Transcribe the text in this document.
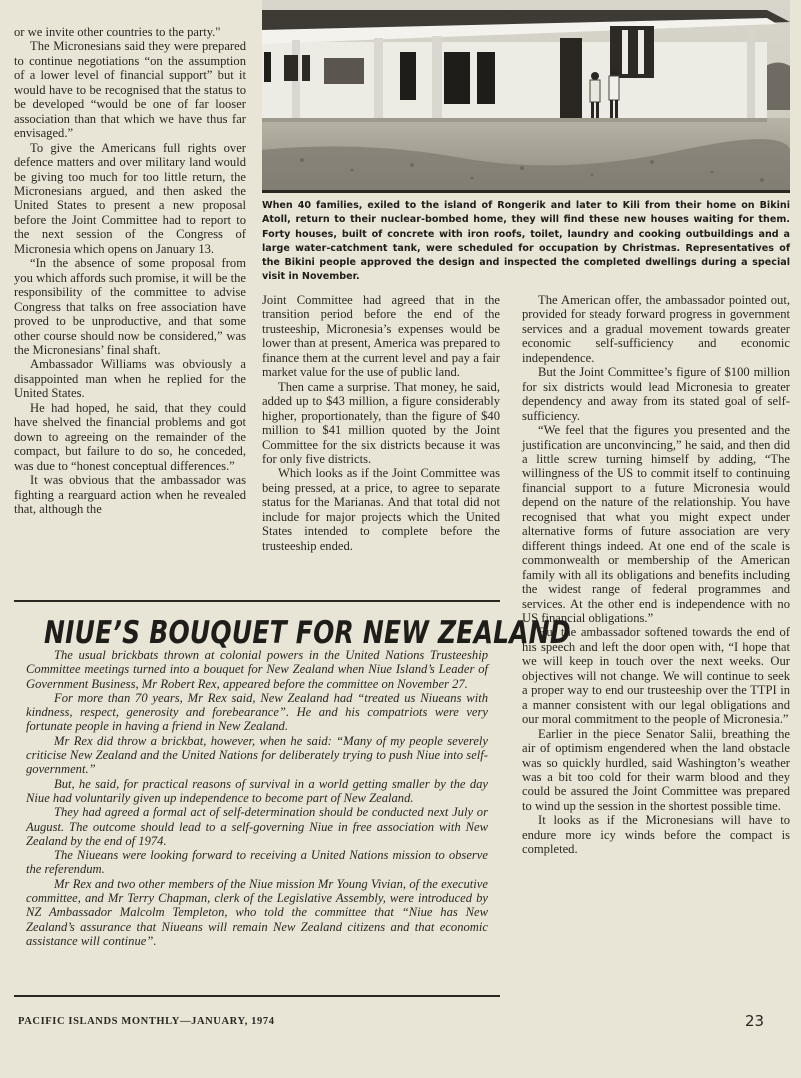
or we invite other countries to the party."

The Micronesians said they were prepared to continue negotiations “on the assumption of a lower level of financial support” but it would have to be recognised that the status to be developed “would be one of far looser association than that which we have thus far envisaged.”

To give the Americans full rights over defence matters and over military land would be giving too much for too little return, the Micronesians argued, and then asked the United States to present a new proposal before the Joint Committee had to report to the next session of the Congress of Micronesia which opens on January 13.

“In the absence of some proposal from you which affords such promise, it will be the responsibility of the committee to advise Congress that talks on free association have proved to be unproductive, and that some other course should now be considered,” was the Micronesians’ final shaft.

Ambassador Williams was obviously a disappointed man when he replied for the United States.

He had hoped, he said, that they could have shelved the financial problems and got down to agreeing on the remainder of the compact, but failure to do so, he conceded, was due to “honest conceptual differences.”

It was obvious that the ambassador was fighting a rearguard action when he revealed that, although the

When 40 families, exiled to the island of Rongerik and later to Kili from their home on Bikini Atoll, return to their nuclear-bombed home, they will find these new houses waiting for them. Forty houses, built of concrete with iron roofs, toilet, laundry and cooking outbuildings and a large water-catchment tank, were scheduled for occupation by Christmas. Representatives of the Bikini people approved the design and inspected the completed dwellings during a special visit in November.

Joint Committee had agreed that in the transition period before the end of the trusteeship, Micronesia’s expenses would be lower than at present, America was prepared to finance them at the current level and pay a fair market value for the use of public land.

Then came a surprise. That money, he said, added up to $43 million, a figure considerably higher, proportionately, than the figure of $40 million to $41 million quoted by the Joint Committee for the six districts because it was for only five districts.

Which looks as if the Joint Committee was being pressed, at a price, to agree to separate status for the Marianas. And that total did not include for major projects which the United States intended to complete before the trusteeship ended.

The American offer, the ambassador pointed out, provided for steady forward progress in government services and a gradual movement towards greater economic self-sufficiency and economic independence.

But the Joint Committee’s figure of $100 million for six districts would lead Micronesia to greater dependency and away from its stated goal of self-sufficiency.

“We feel that the figures you presented and the justification are unconvincing,” he said, and then did a little screw turning himself by adding, “The willingness of the US to commit itself to continuing financial support to a future Micronesia would depend on the nature of the relationship. You have recognised that what you might expect under alternative forms of future association are very different things indeed. At one end of the scale is commonwealth or membership of the American family with all its obligations and benefits including the widest range of federal programmes and services. At the other end is independence with no US financial obligations.”

But the ambassador softened towards the end of his speech and left the door open with, “I hope that we will keep in touch over the next weeks. Our objectives will not change. We will continue to seek a proper way to end our trusteeship over the TTPI in a manner consistent with our legal obligations and our moral commitment to the people of Micronesia.”

Earlier in the piece Senator Salii, breathing the air of optimism engendered when the land obstacle was so quickly hurdled, said Washington’s weather was a bit too cold for their warm blood and they could be assured the Joint Committee was prepared to wind up the session in the shortest possible time.

It looks as if the Micronesians will have to endure more icy winds before the compact is completed.

NIUE’S BOUQUET FOR NEW ZEALAND

The usual brickbats thrown at colonial powers in the United Nations Trusteeship Committee meetings turned into a bouquet for New Zealand when Niue Island’s Leader of Government Business, Mr Robert Rex, appeared before the committee on November 27.

For more than 70 years, Mr Rex said, New Zealand had “treated us Niueans with kindness, respect, generosity and forebearance”. He and his compatriots were very fortunate people in having a friend in New Zealand.

Mr Rex did throw a brickbat, however, when he said: “Many of my people severely criticise New Zealand and the United Nations for deliberately trying to push Niue into self-government.”

But, he said, for practical reasons of survival in a world getting smaller by the day Niue had voluntarily given up independence to become part of New Zealand.

They had agreed a formal act of self-determination should be conducted next July or August. The outcome should lead to a self-governing Niue in free association with New Zealand by the end of 1974.

The Niueans were looking forward to receiving a United Nations mission to observe the referendum.

Mr Rex and two other members of the Niue mission Mr Young Vivian, of the executive committee, and Mr Terry Chapman, clerk of the Legislative Assembly, were introduced by NZ Ambassador Malcolm Templeton, who told the committee that “Niue has New Zealand’s assurance that Niueans will remain New Zealand citizens and that economic assistance will continue”.

PACIFIC ISLANDS MONTHLY—JANUARY, 1974	23
